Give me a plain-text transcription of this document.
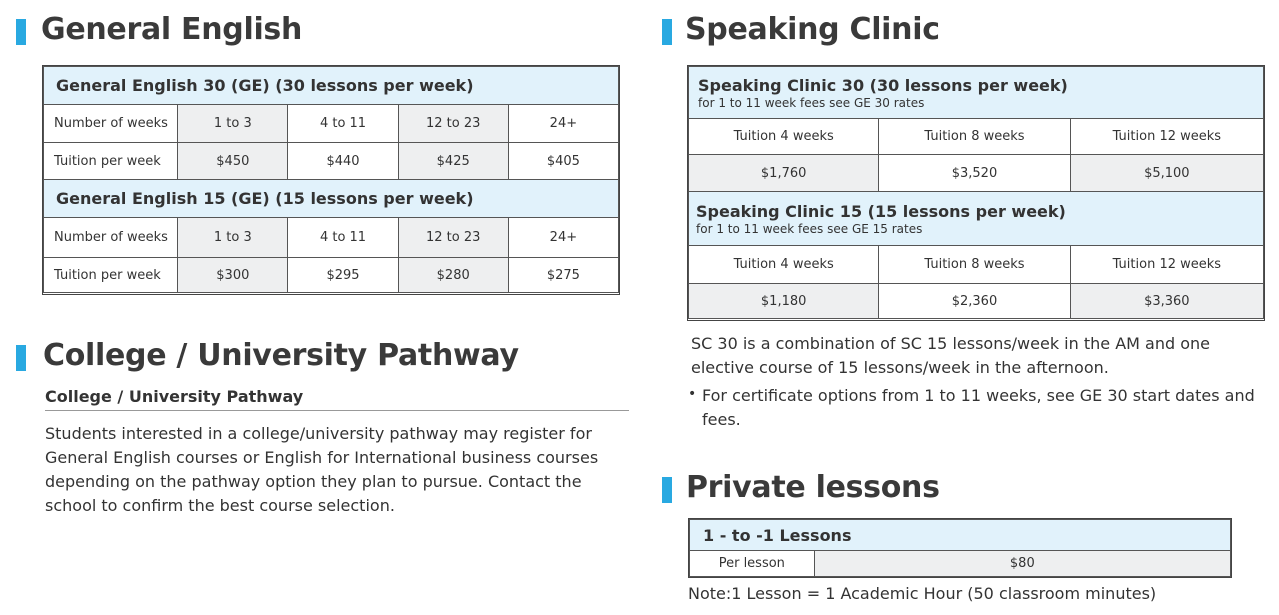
General English
General English 30 (GE) (30 lessons per week)				
Number of weeks	1 to 3	4 to 11	12 to 23	24+
Tuition per week	$450	$440	$425	$405
General English 15 (GE) (15 lessons per week)				
Number of weeks	1 to 3	4 to 11	12 to 23	24+
Tuition per week	$300	$295	$280	$275
College / University Pathway
College / University Pathway
Students interested in a college/university pathway may register for General English courses or English for International business courses depending on the pathway option they plan to pursue. Contact the school to confirm the best course selection.
Speaking Clinic
Speaking Clinic 30 (30 lessons per week)
for 1 to 11 week fees see GE 30 rates		

Tuition 4 weeks	Tuition 8 weeks	Tuition 12 weeks
$1,760	$3,520	$5,100
Speaking Clinic 15 (15 lessons per week)
for 1 to 11 week fees see GE 15 rates		

Tuition 4 weeks	Tuition 8 weeks	Tuition 12 weeks
$1,180	$2,360	$3,360
SC 30 is a combination of SC 15 lessons/week in the AM and one elective course of 15 lessons/week in the afternoon.
• For certificate options from 1 to 11 weeks, see GE 30 start dates and fees.
Private lessons
1 - to -1 Lessons
Per lesson	$80
Note:1 Lesson = 1 Academic Hour (50 classroom minutes)
